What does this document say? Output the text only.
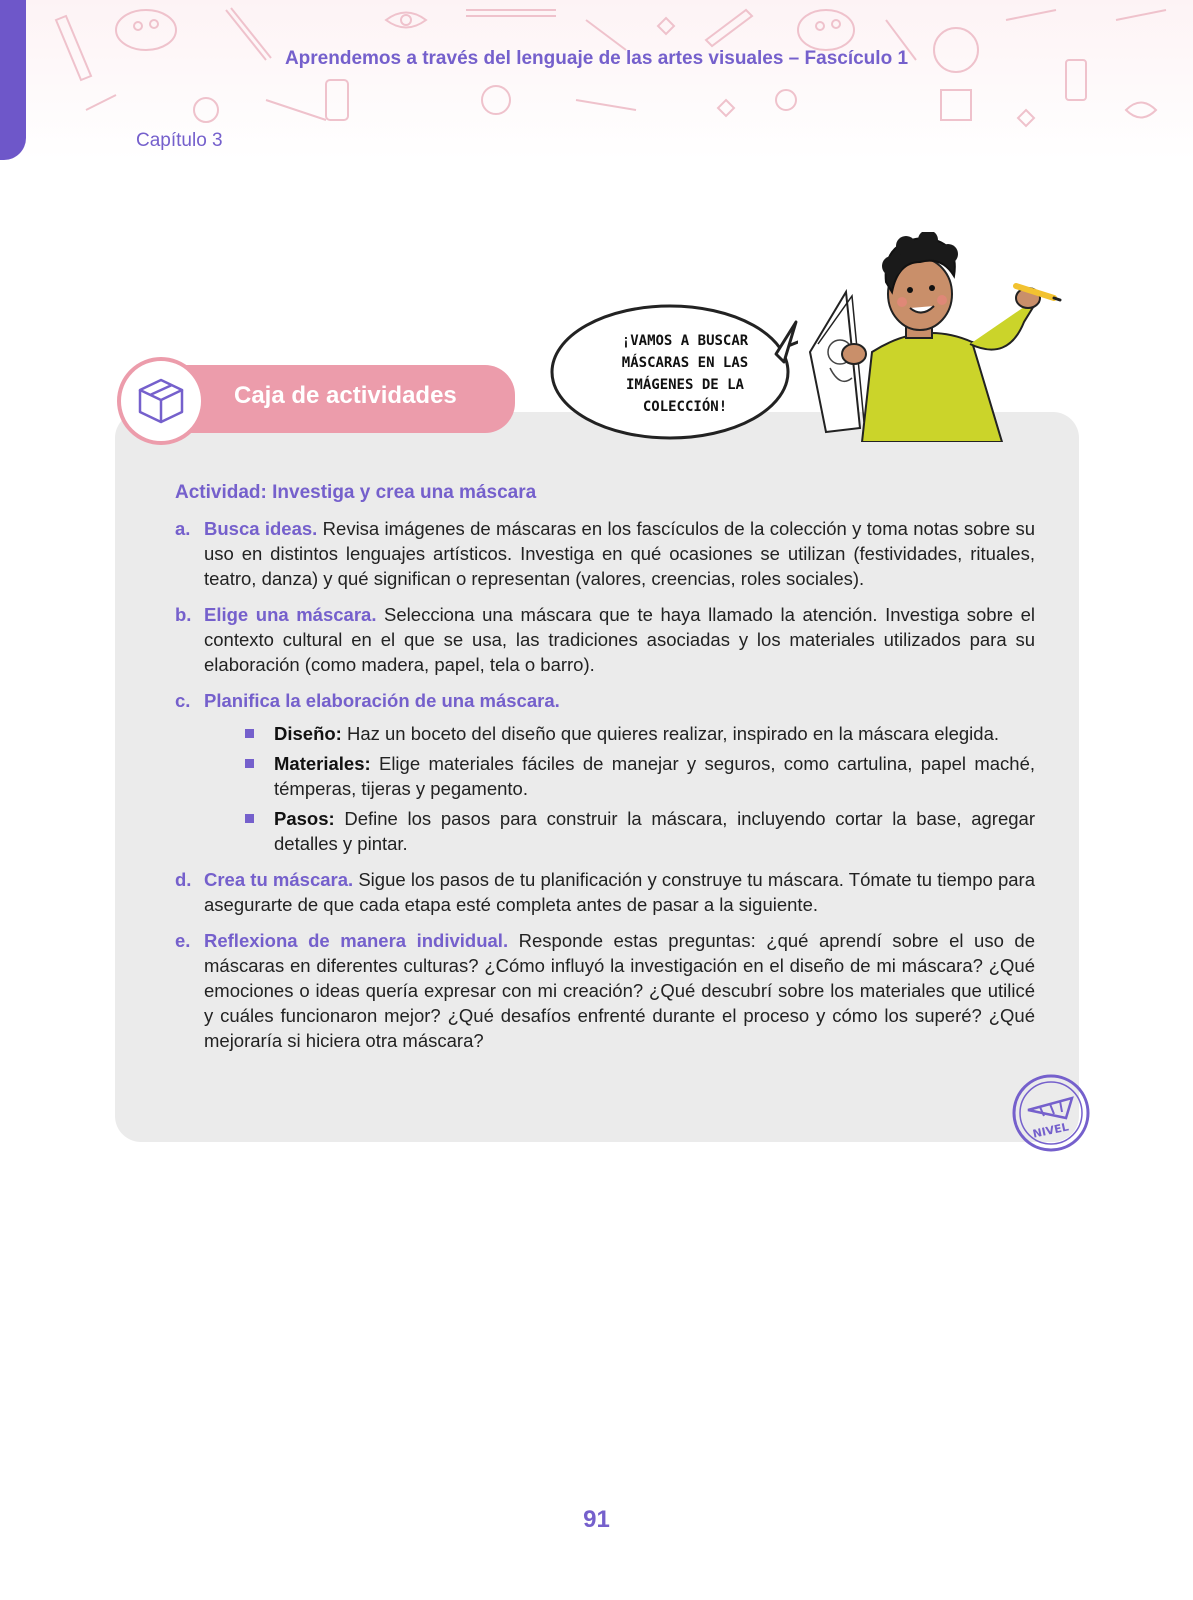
Aprendemos a través del lenguaje de las artes visuales – Fascículo 1
Capítulo 3
Caja de actividades
¡VAMOS A BUSCAR
MÁSCARAS EN LAS
IMÁGENES DE LA
COLECCIÓN!
Actividad: Investiga y crea una máscara
a. Busca ideas. Revisa imágenes de máscaras en los fascículos de la colección y toma notas sobre su uso en distintos lenguajes artísticos. Investiga en qué ocasiones se utilizan (festividades, rituales, teatro, danza) y qué significan o representan (valores, creencias, roles sociales).
b. Elige una máscara. Selecciona una máscara que te haya llamado la atención. Investiga sobre el contexto cultural en el que se usa, las tradiciones asociadas y los materiales utilizados para su elaboración (como madera, papel, tela o barro).
c. Planifica la elaboración de una máscara.
Diseño: Haz un boceto del diseño que quieres realizar, inspirado en la máscara elegida.
Materiales: Elige materiales fáciles de manejar y seguros, como cartulina, papel maché, témperas, tijeras y pegamento.
Pasos: Define los pasos para construir la máscara, incluyendo cortar la base, agregar detalles y pintar.
d. Crea tu máscara. Sigue los pasos de tu planificación y construye tu máscara. Tómate tu tiempo para asegurarte de que cada etapa esté completa antes de pasar a la siguiente.
e. Reflexiona de manera individual. Responde estas preguntas: ¿qué aprendí sobre el uso de máscaras en diferentes culturas? ¿Cómo influyó la investigación en el diseño de mi máscara? ¿Qué emociones o ideas quería expresar con mi creación? ¿Qué descubrí sobre los materiales que utilicé y cuáles funcionaron mejor? ¿Qué desafíos enfrenté durante el proceso y cómo los superé? ¿Qué mejoraría si hiciera otra máscara?
NIVEL
91
